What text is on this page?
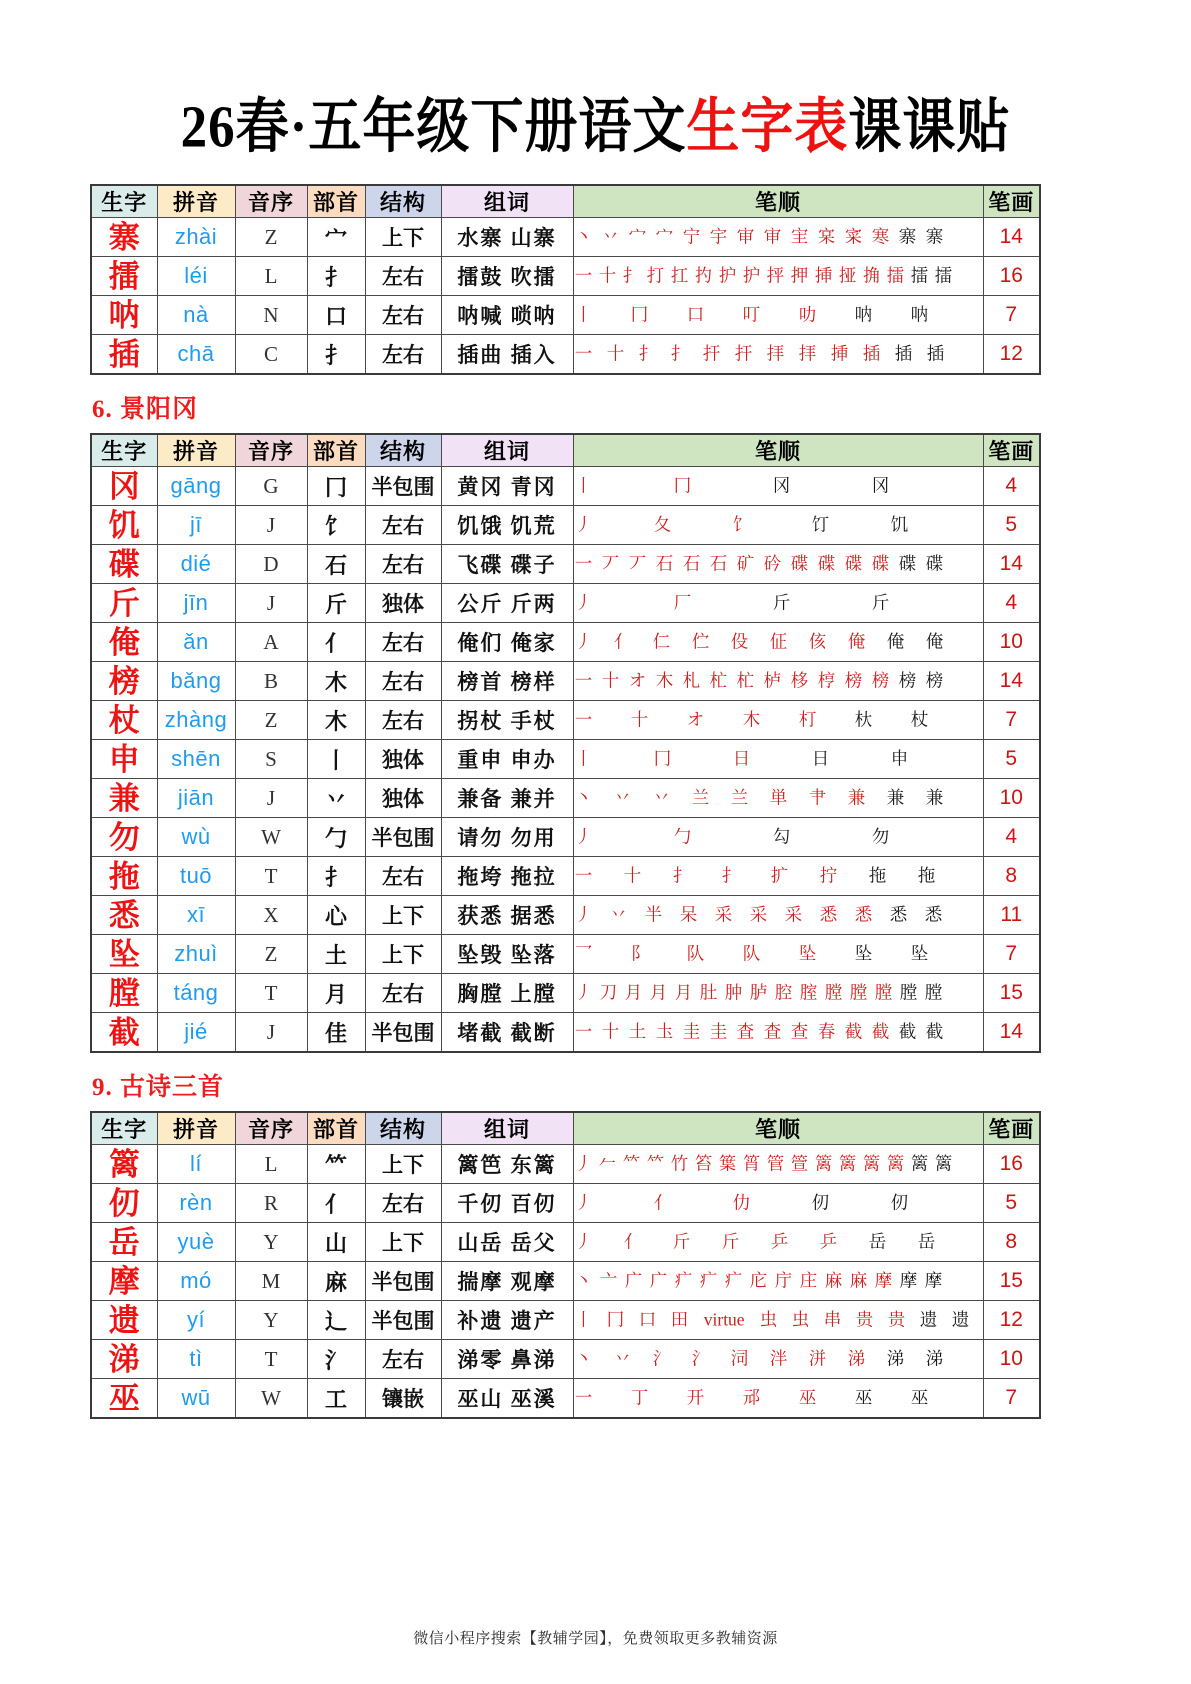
26春·五年级下册语文生字表课课贴
生字	拼音	音序	部首	结构	组词	笔顺	笔画
寨	zhài	Z	宀	上下	水寨 山寨	丶 丷 宀 宀 宁 宇 审 审 宔 宲 寀 寒 寨 寨	14
擂	léi	L	扌	左右	擂鼓 吹擂	一 十 扌 打 扛 扚 护 护 抨 押 挿 挜 捔 擂 擂 擂	16
呐	nà	N	口	左右	呐喊 唢呐	丨 冂 口 叮 叻 呐 呐	7
插	chā	C	扌	左右	插曲 插入	一 十 扌 扌 扞 扞 拝 拝 挿 插 插 插	12
6. 景阳冈
生字	拼音	音序	部首	结构	组词	笔顺	笔画
冈	gāng	G	冂	半包围	黄冈 青冈	丨 冂 冈 冈	4
饥	jī	J	饣	左右	饥饿 饥荒	丿 夂 饣 饤 饥	5
碟	dié	D	石	左右	飞碟 碟子	一 丆 丆 石 石 石 矿 砛 碟 碟 碟 碟 碟 碟	14
斤	jīn	J	斤	独体	公斤 斤两	丿 厂 斤 斤	4
俺	ǎn	A	亻	左右	俺们 俺家	丿 亻 仁 伫 伇 佂 侅 俺 俺 俺	10
榜	bǎng	B	木	左右	榜首 榜样	一 十 オ 木 札 杧 杧 栌 栘 梈 榜 榜 榜 榜	14
杖	zhàng	Z	木	左右	拐杖 手杖	一 十 オ 木 朾 杕 杖	7
申	shēn	S	丨	独体	重申 申办	丨 冂 日 日 申	5
兼	jiān	J	丷	独体	兼备 兼并	丶 丷 丷 兰 兰 単 肀 兼 兼 兼	10
勿	wù	W	勹	半包围	请勿 勿用	丿 勹 勾 勿	4
拖	tuō	T	扌	左右	拖垮 拖拉	一 十 扌 扌 扩 拧 拖 拖	8
悉	xī	X	心	上下	获悉 据悉	丿 丷 半 呆 采 采 采 悉 悉 悉 悉	11
坠	zhuì	Z	土	上下	坠毁 坠落	乛 阝 队 队 坠 坠 坠	7
膛	táng	T	月	左右	胸膛 上膛	丿 刀 月 月 月 肚 肿 胪 腔 腟 膛 膛 膛 膛 膛	15
截	jié	J	佳	半包围	堵截 截断	一 十 土 圡 圭 圭 査 査 查 春 截 截 截 截	14
9. 古诗三首
生字	拼音	音序	部首	结构	组词	笔顺	笔画
篱	lí	L	𥫗	上下	篱笆 东篱	丿 𠂉 𥫗 𥫗 竹 笞 䈎 筲 管 箮 篱 篱 篱 篱 篱 篱	16
仞	rèn	R	亻	左右	千仞 百仞	丿 亻 仂 仞 仞	5
岳	yuè	Y	山	上下	山岳 岳父	丿 亻 斤 斤 乒 乒 岳 岳	8
摩	mó	M	麻	半包围	揣摩 观摩	丶 亠 广 广 疒 疒 疒 庀 庁 庄 麻 麻 摩 摩 摩	15
遗	yí	Y	辶	半包围	补遗 遗产	丨 冂 口 田 virtue 虫 虫 串 贵 贵 遗 遗	12
涕	tì	T	氵	左右	涕零 鼻涕	丶 丷 氵 氵 泀 泮 洴 涕 涕 涕	10
巫	wū	W	工	镶嵌	巫山 巫溪	一 丁 开 邧 巫 巫 巫	7
微信小程序搜索【教辅学园】，免费领取更多教辅资源
